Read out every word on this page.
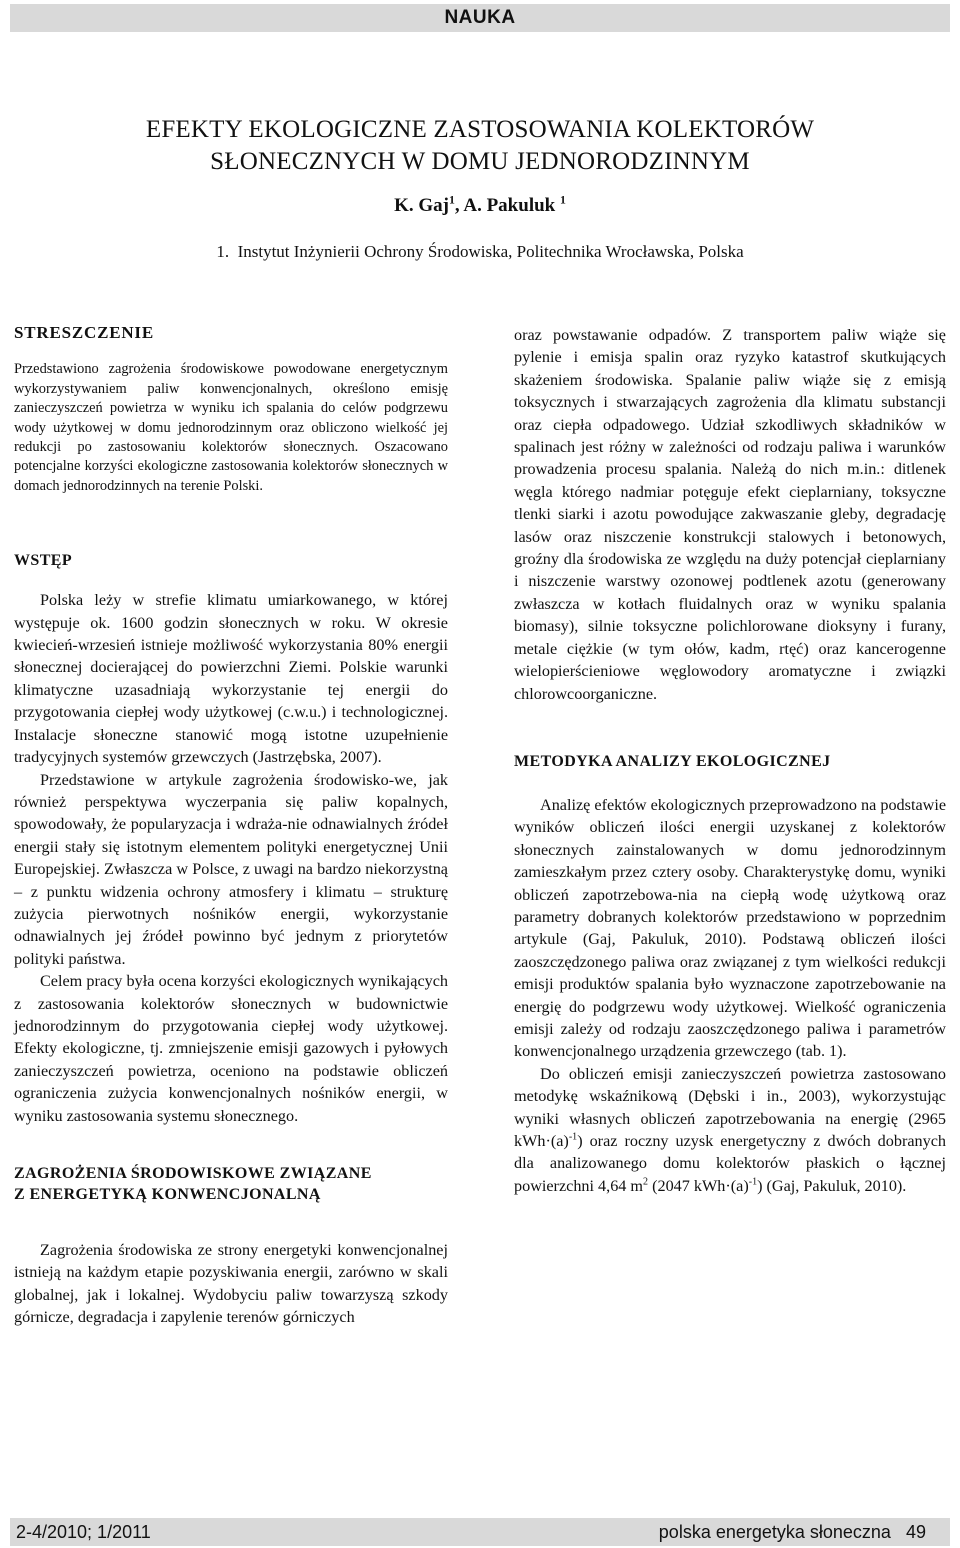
NAUKA
EFEKTY EKOLOGICZNE ZASTOSOWANIA KOLEKTORÓW
SŁONECZNYCH W DOMU JEDNORODZINNYM
K. Gaj$^1$, A. Pakuluk $^1$
1. Instytut Inżynierii Ochrony Środowiska, Politechnika Wrocławska, Polska
STRESZCZENIE

Przedstawiono zagrożenia środowiskowe powodowane energetycznym wykorzystywaniem paliw konwencjonalnych, określono emisję zanieczyszczeń powietrza w wyniku ich spalania do celów podgrzewu wody użytkowej w domu jednorodzinnym oraz obliczono wielkość jej redukcji po zastosowaniu kolektorów słonecznych. Oszacowano potencjalne korzyści ekologiczne zastosowania kolektorów słonecznych w domach jednorodzinnych na terenie Polski.

WSTĘP

Polska leży w strefie klimatu umiarkowanego, w której występuje ok. 1600 godzin słonecznych w roku. W okresie kwiecień-wrzesień istnieje możliwość wykorzystania 80% energii słonecznej docierającej do powierzchni Ziemi. Polskie warunki klimatyczne uzasadniają wykorzystanie tej energii do przygotowania ciepłej wody użytkowej (c.w.u.) i technologicznej. Instalacje słoneczne stanowić mogą istotne uzupełnienie tradycyjnych systemów grzewczych (Jastrzębska, 2007).

Przedstawione w artykule zagrożenia środowisko-we, jak również perspektywa wyczerpania się paliw kopalnych, spowodowały, że popularyzacja i wdraża-nie odnawialnych źródeł energii stały się istotnym elementem polityki energetycznej Unii Europejskiej. Zwłaszcza w Polsce, z uwagi na bardzo niekorzystną – z punktu widzenia ochrony atmosfery i klimatu – strukturę zużycia pierwotnych nośników energii, wykorzystanie odnawialnych jej źródeł powinno być jednym z priorytetów polityki państwa.

Celem pracy była ocena korzyści ekologicznych wynikających z zastosowania kolektorów słonecznych w budownictwie jednorodzinnym do przygotowania ciepłej wody użytkowej. Efekty ekologiczne, tj. zmniejszenie emisji gazowych i pyłowych zanieczyszczeń powietrza, oceniono na podstawie obliczeń ograniczenia zużycia konwencjonalnych nośników energii, w wyniku zastosowania systemu słonecznego.

ZAGROŻENIA ŚRODOWISKOWE ZWIĄZANE
Z ENERGETYKĄ KONWENCJONALNĄ

Zagrożenia środowiska ze strony energetyki konwencjonalnej istnieją na każdym etapie pozyskiwania energii, zarówno w skali globalnej, jak i lokalnej. Wydobyciu paliw towarzyszą szkody górnicze, degradacja i zapylenie terenów górniczych

oraz powstawanie odpadów. Z transportem paliw wiąże się pylenie i emisja spalin oraz ryzyko katastrof skutkujących skażeniem środowiska. Spalanie paliw wiąże się z emisją toksycznych i stwarzających zagrożenia dla klimatu substancji oraz ciepła odpadowego. Udział szkodliwych składników w spalinach jest różny w zależności od rodzaju paliwa i warunków prowadzenia procesu spalania. Należą do nich m.in.: ditlenek węgla którego nadmiar potęguje efekt cieplarniany, toksyczne tlenki siarki i azotu powodujące zakwaszanie gleby, degradację lasów oraz niszczenie konstrukcji stalowych i betonowych, groźny dla środowiska ze względu na duży potencjał cieplarniany i niszczenie warstwy ozonowej podtlenek azotu (generowany zwłaszcza w kotłach fluidalnych oraz w wyniku spalania biomasy), silnie toksyczne polichlorowane dioksyny i furany, metale ciężkie (w tym ołów, kadm, rtęć) oraz kancerogenne wielopierścieniowe węglowodory aromatyczne i związki chlorowcoorganiczne.

METODYKA ANALIZY EKOLOGICZNEJ

Analizę efektów ekologicznych przeprowadzono na podstawie wyników obliczeń ilości energii uzyskanej z kolektorów słonecznych zainstalowanych w domu jednorodzinnym zamieszkałym przez cztery osoby. Charakterystykę domu, wyniki obliczeń zapotrzebowa-nia na ciepłą wodę użytkową oraz parametry dobranych kolektorów przedstawiono w poprzednim artykule (Gaj, Pakuluk, 2010). Podstawą obliczeń ilości zaoszczędzonego paliwa oraz związanej z tym wielkości redukcji emisji produktów spalania było wyznaczone zapotrzebowanie na energię do podgrzewu wody użytkowej. Wielkość ograniczenia emisji zależy od rodzaju zaoszczędzonego paliwa i parametrów konwencjonalnego urządzenia grzewczego (tab. 1).

Do obliczeń emisji zanieczyszczeń powietrza zastosowano metodykę wskaźnikową (Dębski i in., 2003), wykorzystując wyniki własnych obliczeń zapotrzebowania na energię (2965 $kWh\cdot(a)^{-1}$) oraz roczny uzysk energetyczny z dwóch dobranych dla analizowanego domu kolektorów płaskich o łącznej powierzchni 4,64 $m^2$ (2047 $kWh\cdot(a)^{-1}$) (Gaj, Pakuluk, 2010).

2-4/2010; 1/2011	polska energetyka słoneczna 49
